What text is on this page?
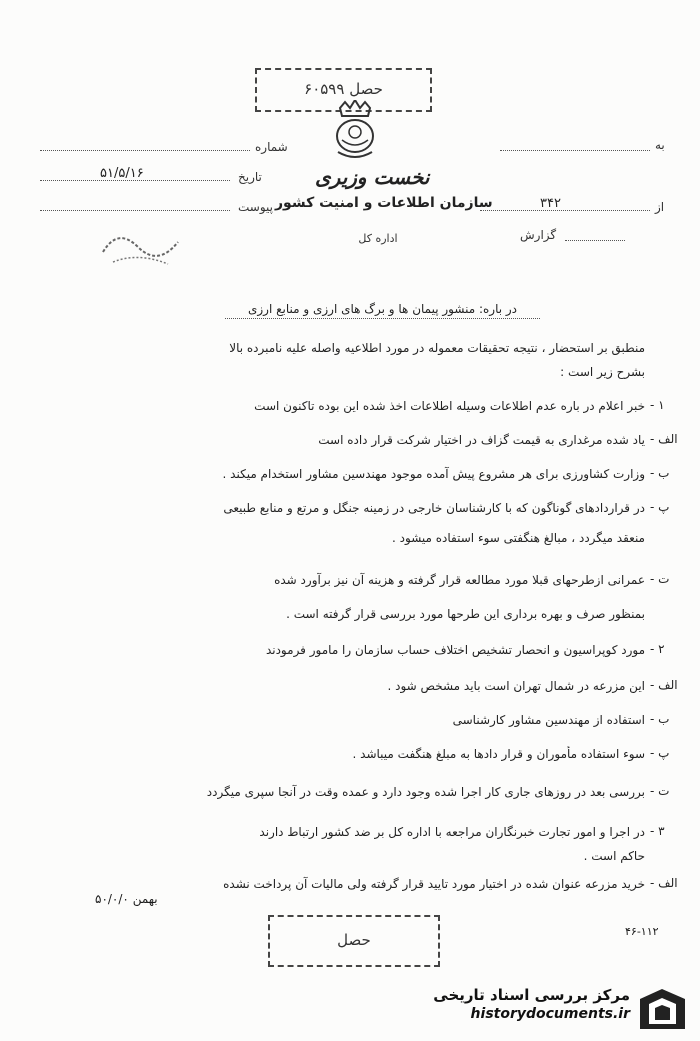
حصل ۶۰۵۹۹
نخست وزیری
سازمان اطلاعات و امنیت کشور
اداره کل
شماره
۵۱/۵/۱۶	تاریخ
پیوست
به
۳۴۲	از
گزارش
در باره: منشور پیمان ها و برگ های ارزی و منابع ارزی
منطبق بر استحضار ، نتیجه تحقیقات معموله در مورد اطلاعیه واصله علیه نامبرده بالا
بشرح زیر است :
خبر اعلام در باره عدم اطلاعات وسیله اطلاعات اخذ شده این بوده تاکنون است ۱ -
یاد شده مرغداری به قیمت گزاف در اختیار شرکت قرار داده است الف -
وزارت کشاورزی برای هر مشروع پیش آمده موجود مهندسین مشاور استخدام میکند . ب -
در قراردادهای گوناگون که با کارشناسان خارجی در زمینه جنگل و مرتع و منابع طبیعی پ -
منعقد میگردد ، مبالغ هنگفتی سوء استفاده میشود .
عمرانی ازطرحهای قبلا مورد مطالعه قرار گرفته و هزینه آن نیز برآورد شده ت -
بمنظور صرف و بهره برداری این طرحها مورد بررسی قرار گرفته است .
مورد کوپراسیون و انحصار تشخیص اختلاف حساب سازمان را مامور فرمودند ۲ -
این مزرعه در شمال تهران است باید مشخص شود . الف -
استفاده از مهندسین مشاور کارشناسی ب -
سوء استفاده مأموران و قرار دادها به مبلغ هنگفت میباشد . پ -
بررسی بعد در روزهای جاری کار اجرا شده وجود دارد و عمده وقت در آنجا سپری میگردد ت -
در اجرا و امور تجارت خبرنگاران مراجعه با اداره کل بر ضد کشور ارتباط دارند ۳ -
حاکم است .
خرید مزرعه عنوان شده در اختیار مورد تایید قرار گرفته ولی مالیات آن پرداخت نشده الف -
بهمن ۵۰/۰/۰
حصل	۴۶-۱۱۲
مرکز بررسی اسناد تاریخی
historydocuments.ir
